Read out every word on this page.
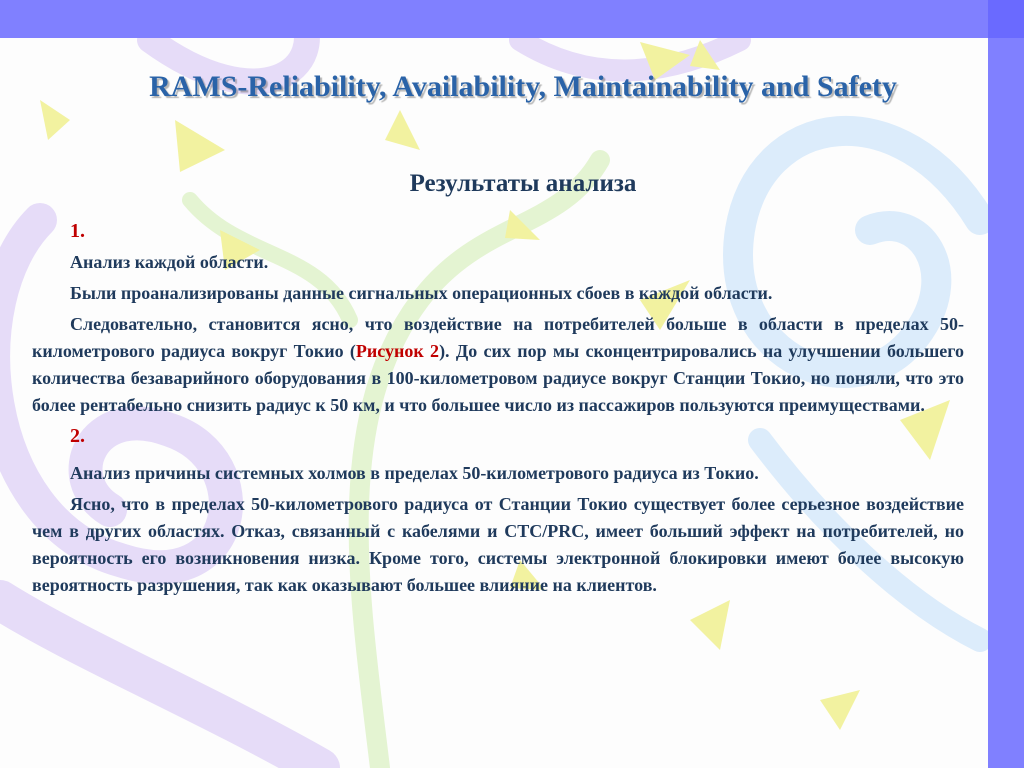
RAMS-Reliability, Availability, Maintainability and Safety
Результаты анализа
1.

Анализ каждой области.

Были проанализированы данные сигнальных операционных сбоев в каждой области.

Следовательно, становится ясно, что воздействие на потребителей больше в области в пределах 50-километрового радиуса вокруг Токио (Рисунок 2). До сих пор мы сконцентрировались на улучшении большего количества безаварийного оборудования в 100-километровом радиусе вокруг Станции Токио, но поняли, что это более рентабельно снизить радиус к 50 км, и что большее число из пассажиров пользуются преимуществами.

2.

Анализ причины системных холмов в пределах 50-километрового радиуса из Токио.

Ясно, что в пределах 50-километрового радиуса от Станции Токио существует более серьезное воздействие чем в других областях. Отказ, связанный с кабелями и CTC/PRC, имеет больший эффект на потребителей, но вероятность его возникновения низка. Кроме того, системы электронной блокировки имеют более высокую вероятность разрушения, так как оказывают большее влияние на клиентов.
